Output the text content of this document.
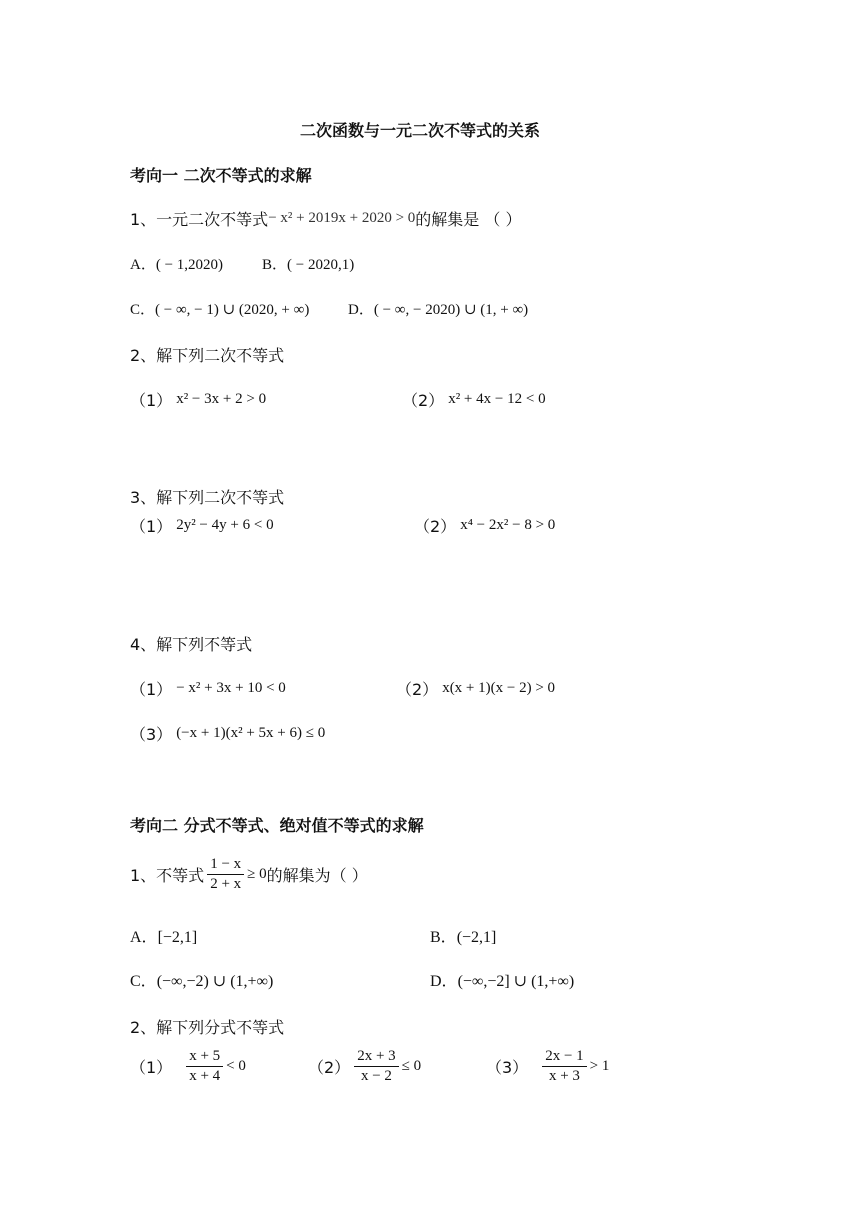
二次函数与一元二次不等式的关系
考向一 二次不等式的求解
1、一元二次不等式 − x² + 2019x + 2020 > 0 的解集是 （ ）
A．( − 1,2020)	B．( − 2020,1)
C．( − ∞, − 1) ∪ (2020, + ∞)	D．( − ∞, − 2020) ∪ (1, + ∞)
2、解下列二次不等式
（1） x² − 3x + 2 > 0	（2） x² + 4x − 12 < 0
3、解下列二次不等式
（1） 2y² − 4y + 6 < 0	（2） x⁴ − 2x² − 8 > 0
4、解下列不等式
（1） − x² + 3x + 10 < 0	（2） x(x + 1)(x − 2) > 0
（3） (−x + 1)(x² + 5x + 6) ≤ 0
考向二 分式不等式、绝对值不等式的求解
1、不等式 $\frac{1 - x}{2 + x} \ge 0$ 的解集为（ ）
A．[−2,1]	B．(−2,1]
C．(−∞,−2) ∪ (1,+∞)	D．(−∞,−2] ∪ (1,+∞)
2、解下列分式不等式
$(1) \frac{x + 5}{x + 4} < 0$	$(2) \frac{2x + 3}{x - 2} \le 0$	$(3) \frac{2x - 1}{x + 3} > 1$
